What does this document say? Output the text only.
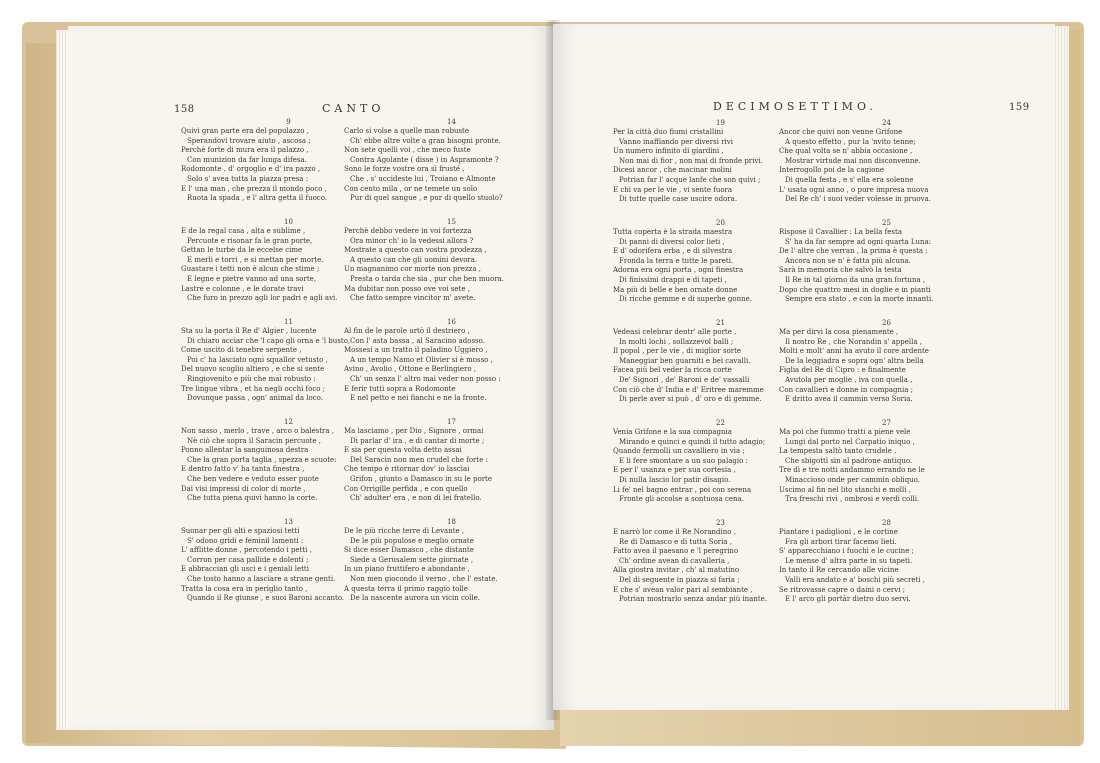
158	CANTO
9
Quivi gran parte era del populazzo ,
Sperandovi trovare aiuto , ascosa ;
Perchè forte di mura era il palazzo ,
Con munizion da far lunga difesa.
Rodomonte , d' orgoglio e d' ira pazzo ,
Solo s' avea tutta la piazza presa :
E l' una man , che prezza il mondo poco ,
Ruota la spada , e l' altra getta il fuoco.
10
E de la regal casa , alta e sublime ,
Percuote e risonar fa le gran porte,
Gettan le turbe da le eccelse cime
E merli e torri , e si mettan per morte.
Guastare i tetti non è alcun che stime ;
E legne e pietre vanno ad una sorte,
Lastre e colonne , e le dorate travi
Che furo in prezzo agli lor padri e agli avi.
11
Sta su la porta il Re d' Algier , lucente
Di chiaro acciar che 'l capo gli orna e 'l busto,
Come uscito di tenebre serpente ,
Poi c' ha lasciato ogni squallor vetusto ,
Del nuovo scoglio altiero , e che si sente
Ringiovenito e più che mai robusto :
Tre lingue vibra , et ha negli occhi foco ;
Dovunque passa , ogn' animal da loco.
12
Non sasso , merlo , trave , arco o balestra ,
Nè ciò che sopra il Saracin percuote ,
Ponno allentar la sanguinosa destra
Che la gran porta taglia , spezza e scuote:
E dentro fatto v' ha tanta finestra ,
Che ben vedere e veduto esser puote
Dai visi impressi di color di morte ,
Che tutta piena quivi hanno la corte.
13
Suonar per gli alti e spaziosi tetti
S' odono gridi e feminil lamenti :
L' afflitte donne , percotendo i petti ,
Corron per casa pallide e dolenti ;
E abbraccian gli usci e i geniali letti
Che tosto hanno a lasciare a strane genti.
Tratta la cosa era in periglio tanto ,
Quando il Re giunse , e suoi Baroni accanto.
14
Carlo si volse a quelle man robuste
Ch' ebbe altre volte a gran bisogni pronte.
Non sete quelli voi , che meco fuste
Contra Agolante ( disse ) in Aspramonte ?
Sono le forze vostre ora sì frusté ,
Che , s' uccideste lui , Troiano e Almonte
Con cento mila , or ne temete un solo
Pur di quel sangue , e pur di quello stuolo?
15
Perchè debbo vedere in voi fortezza
Ora minor ch' io la vedessi allora ?
Mostrate a questo can vostra prodezza ,
A questo can che gli uomini devora.
Un magnanimo cor morte non prezza ,
Presta o tarda che sia , pur che ben muora.
Ma dubitar non posso ove voi sete ,
Che fatto sempre vincitor m' avete.
16
Al fin de le parole urtò il destriero ,
Con l' asta bassa , al Saracino adosso.
Mossesi a un tratto il paladino Uggiero ,
A un tempo Namo et Olivier si è mosso ,
Avino , Avolio , Ottone e Berlingiero ,
Ch' un senza l' altro mai veder non posso :
E ferir tutti sopra a Rodomonte
E nel petto e nei fianchi e ne la fronte.
17
Ma lasciamo , per Dio , Signore , ormai
Di parlar d' ira , e di cantar di morte ;
E sia per questa volta detto assai
Del Saracin non men crudel che forte :
Che tempo è ritornar dov' io lasciai
Grifon , giunto a Damasco in su le porte
Con Orrigille perfida , e con quello
Ch' adulter' era , e non di lei fratello.
18
De le più ricche terre di Levante ,
De le più populose e meglio ornate
Si dice esser Damasco , che distante
Siede a Gerusalem sette giornate ,
In un piano fruttifero e abondante ,
Non men giocondo il verno , che l' estate.
A questa terra il primo raggio tolle
De la nascente aurora un vicin colle.
DECIMOSETTIMO.	159
19
Per la città duo fiumi cristallini
Vanno inaffiando per diversi rivi
Un numero infinito di giardini ,
Non mai di fior , non mai di fronde privi.
Dicesi ancor , che macinar molini
Potrian far l' acque lanfe che son quivi ;
E chi va per le vie , vi sente fuora
Di tutte quelle case uscire odora.
20
Tutta coperta è la strada maestra
Di panni di diversi color lieti ,
E d' odorifera erba , e di silvestra
Fronda la terra e tutte le pareti.
Adorna era ogni porta , ogni finestra
Di finissimi drappi e di tapeti ,
Ma più di belle e ben ornate donne
Di ricche gemme e di superbe gonne.
21
Vedeasi celebrar dentr' alle porte ,
In molti lochi , sollazzevol balli ;
Il popol , per le vie , di miglior sorte
Maneggiar ben guarniti e bei cavalli.
Facea più bel veder la ricca corte
De' Signori , de' Baroni e de' vassalli
Con ciò che d' India e d' Eritree maremme
Di perle aver si può , d' oro e di gemme.
22
Venia Grifone e la sua compagnia
Mirando e quinci e quindi il tutto adagio;
Quando fermolli un cavalliero in via ;
E li fere smontare a un suo palagio :
E per l' usanza e per sua cortesia ,
Di nulla lascio lor patir disagio.
Li fe' nel bagno entrar , poi con serena
Fronte gli accolse a sontuosa cena.
23
E narrò lor come il Re Norandino ,
Re di Damasco e di tutta Soria ,
Fatto avea il paesano e 'l peregrino
Ch' ordine avean di cavalleria ,
Alla giostra invitar , ch' al matutino
Del di seguente in piazza si faria ;
E che s' avean valor pari al sembiante ,
Potrian mostrarlo senza andar più inante.
24
Ancor che quivi non venne Grifone
A questo effetto , pur la 'nvito tenne;
Che qual volta se n' abbia occasione ,
Mostrar virtude mai non disconvenne.
Interrogollo poi de la cagione
Di quella festa , e s' ella era solenne
L' usata ogni anno , o pure impresa nuova
Del Re ch' i suoi veder volesse in pruova.
25
Rispose il Cavallier : La bella festa
S' ha da far sempre ad ogni quarta Luna:
De l' altre che verran , la prima è questa ;
Ancora non se n' è fatta più alcuna.
Sarà in memoria che salvò la testa
Il Re in tal giorno da una gran fortuna ,
Dopo che quattro mesi in doglie e in pianti
Sempre era stato , e con la morte innanti.
26
Ma per dirvi la cosa pienamente ,
Il nostro Re , che Norandin s' appella ,
Molti e molt' anni ha avuto il core ardente
De la leggiadra e sopra ogn' altra bella
Figlia del Re di Cipro : e finalmente
Avutola per moglie , iva con quella ,
Con cavallieri e donne in compagnia ;
E dritto avea il cammin verso Soria.
27
Ma poi che fummo tratti a piene vele
Lungi dal porto nel Carpatio iniquo ,
La tempesta saltò tanto crudele ,
Che sbigottì sin al padrone antiquo.
Tre dì e tre notti andammo errando ne le
Minaccioso onde per cammin obliquo.
Uscimo al fin nel lito stanchi e molli ,
Tra freschi rivi , ombrosi e verdi colli.
28
Piantare i padiglioni , e le cortine
Fra gli arbori tirar facemo lieti.
S' apparecchiano i fuochi e le cucine ;
Le mense d' altra parte in su tapeti.
In tanto il Re cercando alle vicine
Valli era andato e a' boschi più secreti ,
Se ritrovasse capre o daini o cervi ;
E l' arco gli portàr dietro duo servi.
